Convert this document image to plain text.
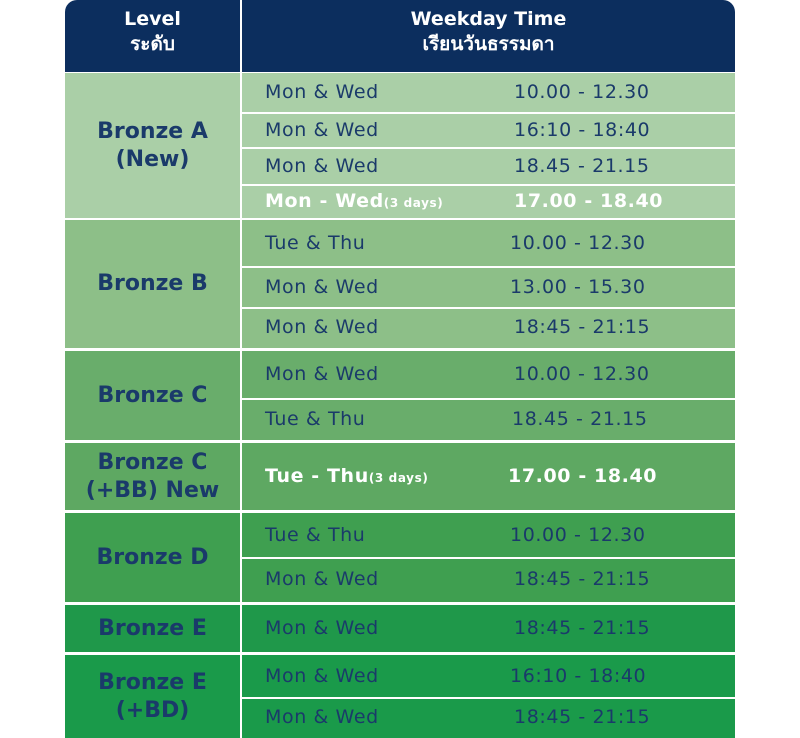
Level
ระดับ
Weekday Time
เรียนวันธรรมดา
Bronze A
(New)
Mon & Wed	10.00 - 12.30
Mon & Wed	16:10 - 18:40
Mon & Wed	18.45 - 21.15
Mon - Wed(3 days)	17.00 - 18.40
Bronze B
Tue & Thu	10.00 - 12.30
Mon & Wed	13.00 - 15.30
Mon & Wed	18:45 - 21:15
Bronze C
Mon & Wed	10.00 - 12.30
Tue & Thu	18.45 - 21.15
Bronze C
(+BB) New
Tue - Thu(3 days)	17.00 - 18.40
Bronze D
Tue & Thu	10.00 - 12.30
Mon & Wed	18:45 - 21:15
Bronze E	Mon & Wed	18:45 - 21:15
Bronze E
(+BD)
Mon & Wed	16:10 - 18:40
Mon & Wed	18:45 - 21:15
